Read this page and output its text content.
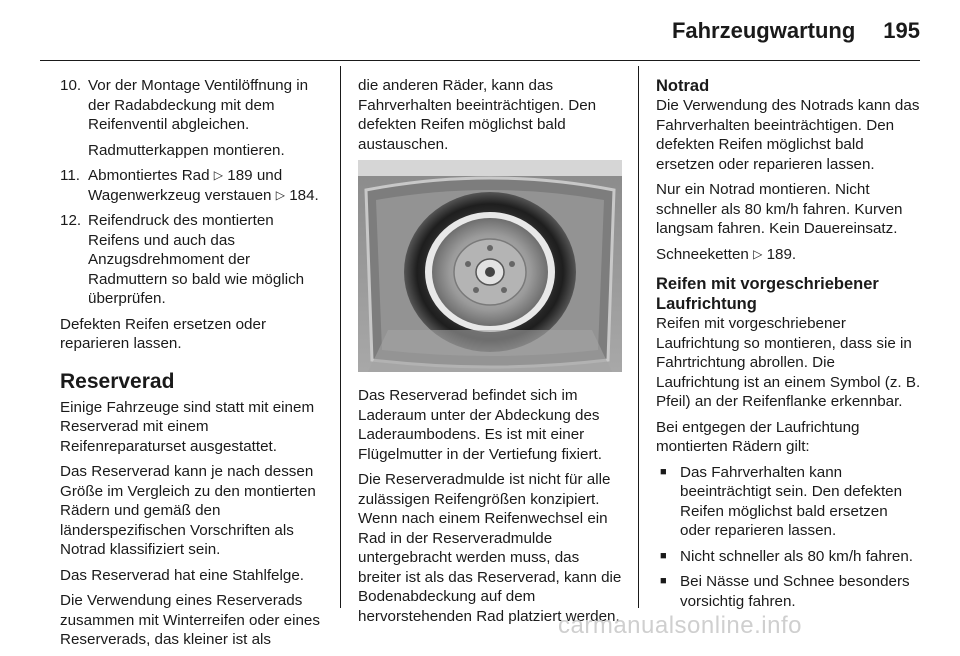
Fahrzeugwartung 195
10. Vor der Montage Ventilöffnung in der Radabdeckung mit dem Reifenventil abgleichen.
Radmutterkappen montieren.
11. Abmontiertes Rad ▷ 189 und Wagenwerkzeug verstauen ▷ 184.
12. Reifendruck des montierten Reifens und auch das Anzugsdrehmoment der Radmuttern so bald wie möglich überprüfen.

Defekten Reifen ersetzen oder reparieren lassen.

Reserverad

Einige Fahrzeuge sind statt mit einem Reserverad mit einem Reifenreparaturset ausgestattet.

Das Reserverad kann je nach dessen Größe im Vergleich zu den montierten Rädern und gemäß den länderspezifischen Vorschriften als Notrad klassifiziert sein.

Das Reserverad hat eine Stahlfelge.

Die Verwendung eines Reserverads zusammen mit Winterreifen oder eines Reserverads, das kleiner ist als

die anderen Räder, kann das Fahrverhalten beeinträchtigen. Den defekten Reifen möglichst bald austauschen.

Das Reserverad befindet sich im Laderaum unter der Abdeckung des Laderaumbodens. Es ist mit einer Flügelmutter in der Vertiefung fixiert.

Die Reserveradmulde ist nicht für alle zulässigen Reifengrößen konzipiert. Wenn nach einem Reifenwechsel ein Rad in der Reserveradmulde untergebracht werden muss, das breiter ist als das Reserverad, kann die Bodenabdeckung auf dem hervorstehenden Rad platziert werden.

Notrad

Die Verwendung des Notrads kann das Fahrverhalten beeinträchtigen. Den defekten Reifen möglichst bald ersetzen oder reparieren lassen.

Nur ein Notrad montieren. Nicht schneller als 80 km/h fahren. Kurven langsam fahren. Kein Dauereinsatz.

Schneeketten ▷ 189.

Reifen mit vorgeschriebener Laufrichtung

Reifen mit vorgeschriebener Laufrichtung so montieren, dass sie in Fahrtrichtung abrollen. Die Laufrichtung ist an einem Symbol (z. B. Pfeil) an der Reifenflanke erkennbar.

Bei entgegen der Laufrichtung montierten Rädern gilt:

■ Das Fahrverhalten kann beeinträchtigt sein. Den defekten Reifen möglichst bald ersetzen oder reparieren lassen.
■ Nicht schneller als 80 km/h fahren.
■ Bei Nässe und Schnee besonders vorsichtig fahren.
carmanualsonline.info
